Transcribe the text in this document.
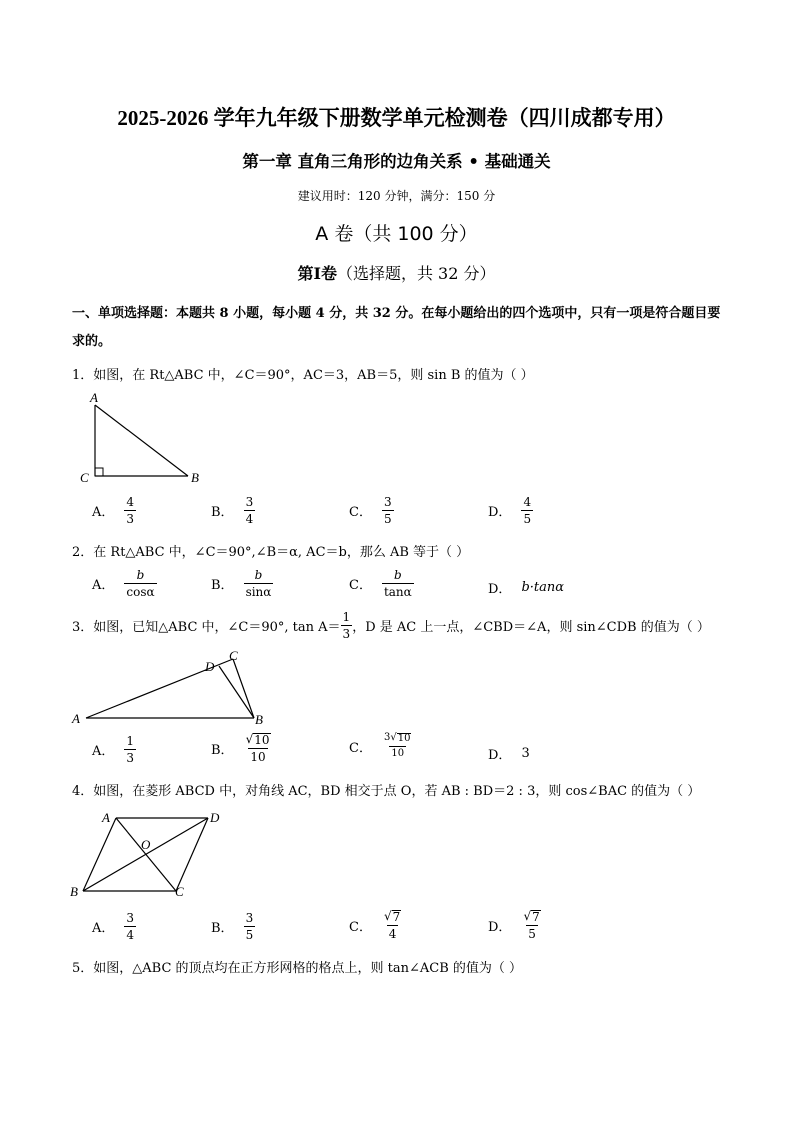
2025-2026 学年九年级下册数学单元检测卷（四川成都专用）
第一章 直角三角形的边角关系 • 基础通关
建议用时：120 分钟，满分：150 分
A 卷（共 100 分）
第Ⅰ卷（选择题，共 32 分）
一、单项选择题：本题共 8 小题，每小题 4 分，共 32 分。在每小题给出的四个选项中，只有一项是符合题目要求的。
1．如图，在 Rt△ABC 中，∠C＝90°，AC＝3，AB＝5，则 sin B 的值为（ ）
A
C	B
A． $\frac{4}{3}$	B． $\frac{3}{4}$	C． $\frac{3}{5}$	D． $\frac{4}{5}$
2．在 Rt△ABC 中，∠C＝90°,∠B＝α, AC＝b，那么 AB 等于（ ）
A． $\frac{b}{\cos\alpha}$	B． $\frac{b}{\sin\alpha}$	C． $\frac{b}{\tan\alpha}$	D． b·tanα
3．如图，已知△ABC 中，∠C＝90°, $\tan A= \frac{1}{3}$ ，D 是 AC 上一点，∠CBD＝∠A，则 sin∠CDB 的值为（ ）
A
D
C
B
A． $\frac{1}{3}$	B． $\frac{√ 10}{10}$	C． $\frac{3√ 10}{10}$	D． 3
4．如图，在菱形 ABCD 中，对角线 AC，BD 相交于点 O，若 AB : BD＝2 : 3，则 cos∠BAC 的值为（ ）
A	D
B	C
O
A． $\frac{3}{4}$	B． $\frac{3}{5}$	C． $\frac{√ 7}{4}$	D． $\frac{√ 7}{5}$
5．如图，△ABC 的顶点均在正方形网格的格点上，则 tan∠ACB 的值为（ ）
